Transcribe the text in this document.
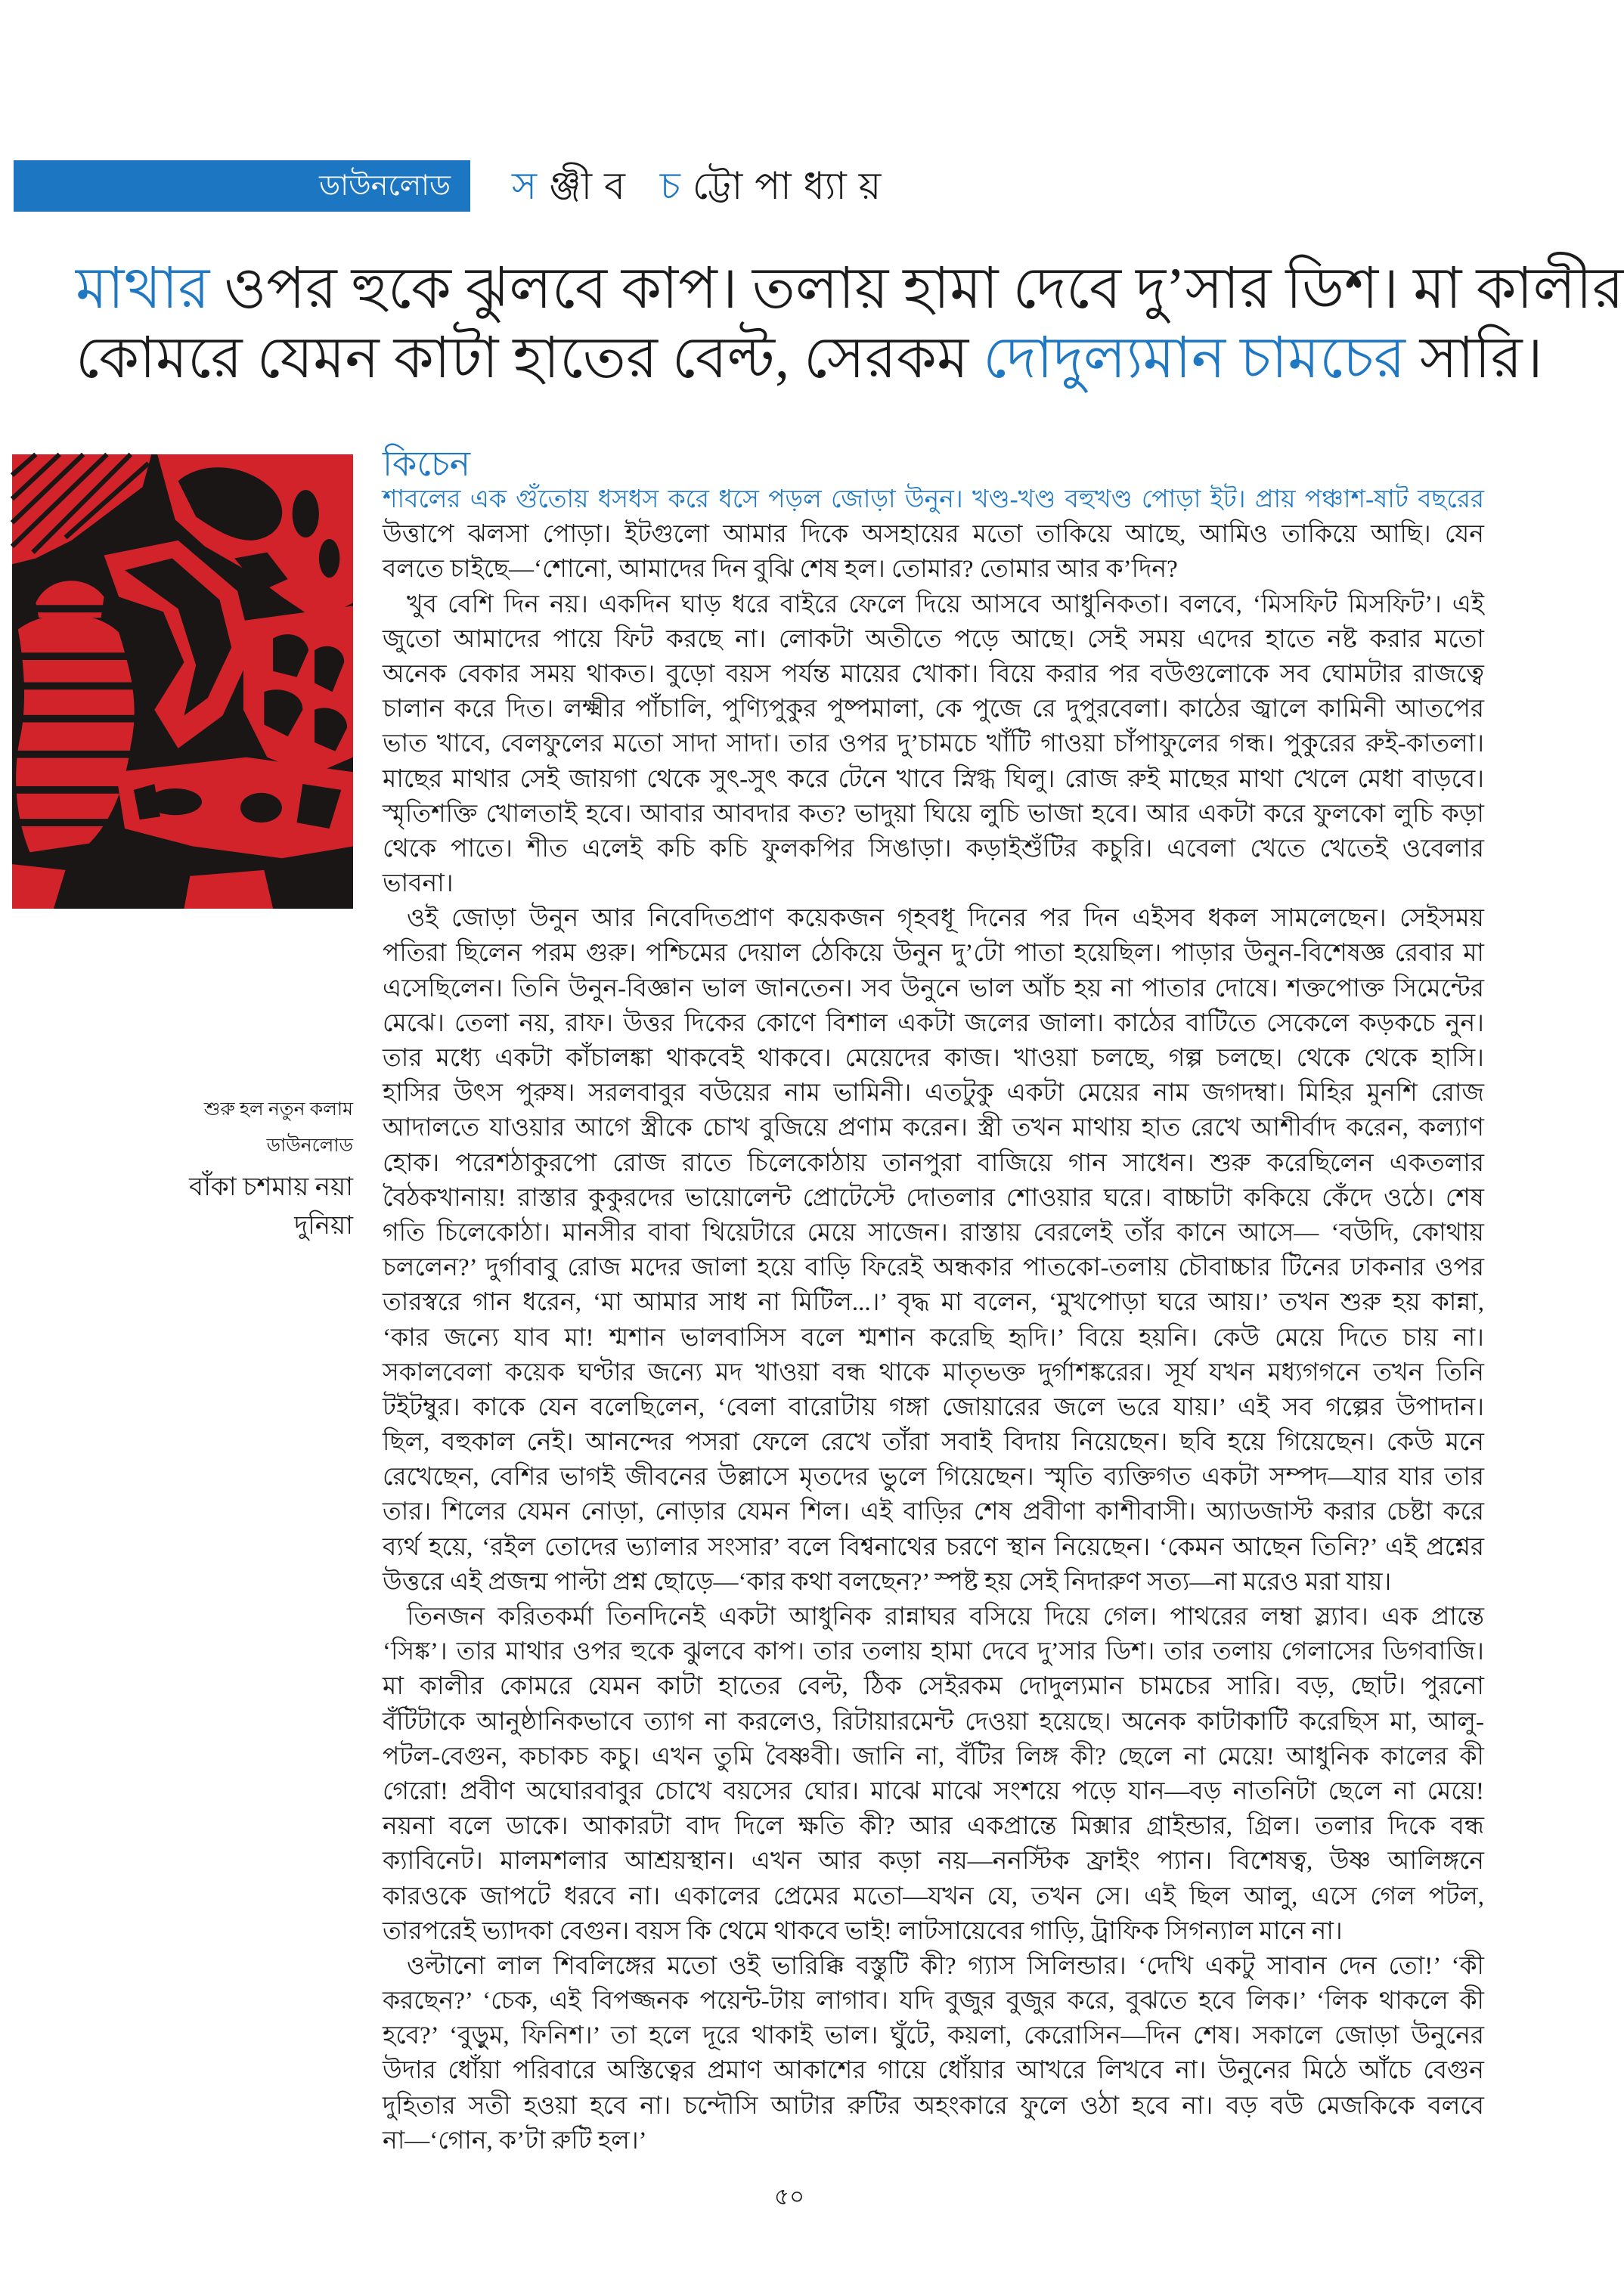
ডাউনলোড স ঞ্জী ব চ ট্টো পা ধ্যা য়
মাথার ওপর হুকে ঝুলবে কাপ। তলায় হামা দেবে দু’সার ডিশ। মা কালীর
কোমরে যেমন কাটা হাতের বেল্ট, সেরকম দোদুল্যমান চামচের সারি।
শুরু হল নতুন কলাম
ডাউনলোড
বাঁকা চশমায় নয়া
দুনিয়া
কিচেন
শাবলের এক গুঁতোয় ধসধস করে ধসে পড়ল জোড়া উনুন। খণ্ড-খণ্ড বহুখণ্ড পোড়া ইট। প্রায় পঞ্চাশ-ষাট বছরের
উত্তাপে ঝলসা পোড়া। ইটগুলো আমার দিকে অসহায়ের মতো তাকিয়ে আছে, আমিও তাকিয়ে আছি। যেন
বলতে চাইছে—‘শোনো, আমাদের দিন বুঝি শেষ হল। তোমার? তোমার আর ক’দিন?
খুব বেশি দিন নয়। একদিন ঘাড় ধরে বাইরে ফেলে দিয়ে আসবে আধুনিকতা। বলবে, ‘মিসফিট মিসফিট’। এই
জুতো আমাদের পায়ে ফিট করছে না। লোকটা অতীতে পড়ে আছে। সেই সময় এদের হাতে নষ্ট করার মতো
অনেক বেকার সময় থাকত। বুড়ো বয়স পর্যন্ত মায়ের খোকা। বিয়ে করার পর বউগুলোকে সব ঘোমটার রাজত্বে
চালান করে দিত। লক্ষ্মীর পাঁচালি, পুণ্যিপুকুর পুষ্পমালা, কে পুজে রে দুপুরবেলা। কাঠের জ্বালে কামিনী আতপের
ভাত খাবে, বেলফুলের মতো সাদা সাদা। তার ওপর দু’চামচে খাঁটি গাওয়া চাঁপাফুলের গন্ধ। পুকুরের রুই-কাতলা।
মাছের মাথার সেই জায়গা থেকে সুৎ-সুৎ করে টেনে খাবে স্নিগ্ধ ঘিলু। রোজ রুই মাছের মাথা খেলে মেধা বাড়বে।
স্মৃতিশক্তি খোলতাই হবে। আবার আবদার কত? ভাদুয়া ঘিয়ে লুচি ভাজা হবে। আর একটা করে ফুলকো লুচি কড়া
থেকে পাতে। শীত এলেই কচি কচি ফুলকপির সিঙাড়া। কড়াইশুঁটির কচুরি। এবেলা খেতে খেতেই ওবেলার
ভাবনা।
ওই জোড়া উনুন আর নিবেদিতপ্রাণ কয়েকজন গৃহবধূ দিনের পর দিন এইসব ধকল সামলেছেন। সেইসময়
পতিরা ছিলেন পরম গুরু। পশ্চিমের দেয়াল ঠেকিয়ে উনুন দু’টো পাতা হয়েছিল। পাড়ার উনুন-বিশেষজ্ঞ রেবার মা
এসেছিলেন। তিনি উনুন-বিজ্ঞান ভাল জানতেন। সব উনুনে ভাল আঁচ হয় না পাতার দোষে। শক্তপোক্ত সিমেন্টের
মেঝে। তেলা নয়, রাফ। উত্তর দিকের কোণে বিশাল একটা জলের জালা। কাঠের বাটিতে সেকেলে কড়কচে নুন।
তার মধ্যে একটা কাঁচালঙ্কা থাকবেই থাকবে। মেয়েদের কাজ। খাওয়া চলছে, গল্প চলছে। থেকে থেকে হাসি।
হাসির উৎস পুরুষ। সরলবাবুর বউয়ের নাম ভামিনী। এতটুকু একটা মেয়ের নাম জগদম্বা। মিহির মুনশি রোজ
আদালতে যাওয়ার আগে স্ত্রীকে চোখ বুজিয়ে প্রণাম করেন। স্ত্রী তখন মাথায় হাত রেখে আশীর্বাদ করেন, কল্যাণ
হোক। পরেশঠাকুরপো রোজ রাতে চিলেকোঠায় তানপুরা বাজিয়ে গান সাধেন। শুরু করেছিলেন একতলার
বৈঠকখানায়! রাস্তার কুকুরদের ভায়োলেন্ট প্রোটেস্টে দোতলার শোওয়ার ঘরে। বাচ্চাটা ককিয়ে কেঁদে ওঠে। শেষ
গতি চিলেকোঠা। মানসীর বাবা থিয়েটারে মেয়ে সাজেন। রাস্তায় বেরলেই তাঁর কানে আসে— ‘বউদি, কোথায়
চললেন?’ দুর্গাবাবু রোজ মদের জালা হয়ে বাড়ি ফিরেই অন্ধকার পাতকো-তলায় চৌবাচ্চার টিনের ঢাকনার ওপর
তারস্বরে গান ধরেন, ‘মা আমার সাধ না মিটিল...।’ বৃদ্ধ মা বলেন, ‘মুখপোড়া ঘরে আয়।’ তখন শুরু হয় কান্না,
‘কার জন্যে যাব মা! শ্মশান ভালবাসিস বলে শ্মশান করেছি হৃদি।’ বিয়ে হয়নি। কেউ মেয়ে দিতে চায় না।
সকালবেলা কয়েক ঘণ্টার জন্যে মদ খাওয়া বন্ধ থাকে মাতৃভক্ত দুর্গাশঙ্করের। সূর্য যখন মধ্যগগনে তখন তিনি
টইটম্বুর। কাকে যেন বলেছিলেন, ‘বেলা বারোটায় গঙ্গা জোয়ারের জলে ভরে যায়।’ এই সব গল্পের উপাদান।
ছিল, বহুকাল নেই। আনন্দের পসরা ফেলে রেখে তাঁরা সবাই বিদায় নিয়েছেন। ছবি হয়ে গিয়েছেন। কেউ মনে
রেখেছেন, বেশির ভাগই জীবনের উল্লাসে মৃতদের ভুলে গিয়েছেন। স্মৃতি ব্যক্তিগত একটা সম্পদ—যার যার তার
তার। শিলের যেমন নোড়া, নোড়ার যেমন শিল। এই বাড়ির শেষ প্রবীণা কাশীবাসী। অ্যাডজাস্ট করার চেষ্টা করে
ব্যর্থ হয়ে, ‘রইল তোদের ভ্যালার সংসার’ বলে বিশ্বনাথের চরণে স্থান নিয়েছেন। ‘কেমন আছেন তিনি?’ এই প্রশ্নের
উত্তরে এই প্রজন্ম পাল্টা প্রশ্ন ছোড়ে—‘কার কথা বলছেন?’ স্পষ্ট হয় সেই নিদারুণ সত্য—না মরেও মরা যায়।
তিনজন করিতকর্মা তিনদিনেই একটা আধুনিক রান্নাঘর বসিয়ে দিয়ে গেল। পাথরের লম্বা স্ল্যাব। এক প্রান্তে
‘সিঙ্ক’। তার মাথার ওপর হুকে ঝুলবে কাপ। তার তলায় হামা দেবে দু’সার ডিশ। তার তলায় গেলাসের ডিগবাজি।
মা কালীর কোমরে যেমন কাটা হাতের বেল্ট, ঠিক সেইরকম দোদুল্যমান চামচের সারি। বড়, ছোট। পুরনো
বঁটিটাকে আনুষ্ঠানিকভাবে ত্যাগ না করলেও, রিটায়ারমেন্ট দেওয়া হয়েছে। অনেক কাটাকাটি করেছিস মা, আলু-
পটল-বেগুন, কচাকচ কচু। এখন তুমি বৈষ্ণবী। জানি না, বঁটির লিঙ্গ কী? ছেলে না মেয়ে! আধুনিক কালের কী
গেরো! প্রবীণ অঘোরবাবুর চোখে বয়সের ঘোর। মাঝে মাঝে সংশয়ে পড়ে যান—বড় নাতনিটা ছেলে না মেয়ে!
নয়না বলে ডাকে। আকারটা বাদ দিলে ক্ষতি কী? আর একপ্রান্তে মিক্সার গ্রাইন্ডার, গ্রিল। তলার দিকে বন্ধ
ক্যাবিনেট। মালমশলার আশ্রয়স্থান। এখন আর কড়া নয়—ননস্টিক ফ্রাইং প্যান। বিশেষত্ব, উষ্ণ আলিঙ্গনে
কারওকে জাপটে ধরবে না। একালের প্রেমের মতো—যখন যে, তখন সে। এই ছিল আলু, এসে গেল পটল,
তারপরেই ভ্যাদকা বেগুন। বয়স কি থেমে থাকবে ভাই! লাটসায়েবের গাড়ি, ট্রাফিক সিগন্যাল মানে না।
ওল্টানো লাল শিবলিঙ্গের মতো ওই ভারিক্কি বস্তুটি কী? গ্যাস সিলিন্ডার। ‘দেখি একটু সাবান দেন তো!’ ‘কী
করছেন?’ ‘চেক, এই বিপজ্জনক পয়েন্ট-টায় লাগাব। যদি বুজুর বুজুর করে, বুঝতে হবে লিক।’ ‘লিক থাকলে কী
হবে?’ ‘বুড়ুম, ফিনিশ।’ তা হলে দূরে থাকাই ভাল। ঘুঁটে, কয়লা, কেরোসিন—দিন শেষ। সকালে জোড়া উনুনের
উদার ধোঁয়া পরিবারে অস্তিত্বের প্রমাণ আকাশের গায়ে ধোঁয়ার আখরে লিখবে না। উনুনের মিঠে আঁচে বেগুন
দুহিতার সতী হওয়া হবে না। চন্দৌসি আটার রুটির অহংকারে ফুলে ওঠা হবে না। বড় বউ মেজকিকে বলবে
না—‘গোন, ক’টা রুটি হল।’
৫০
